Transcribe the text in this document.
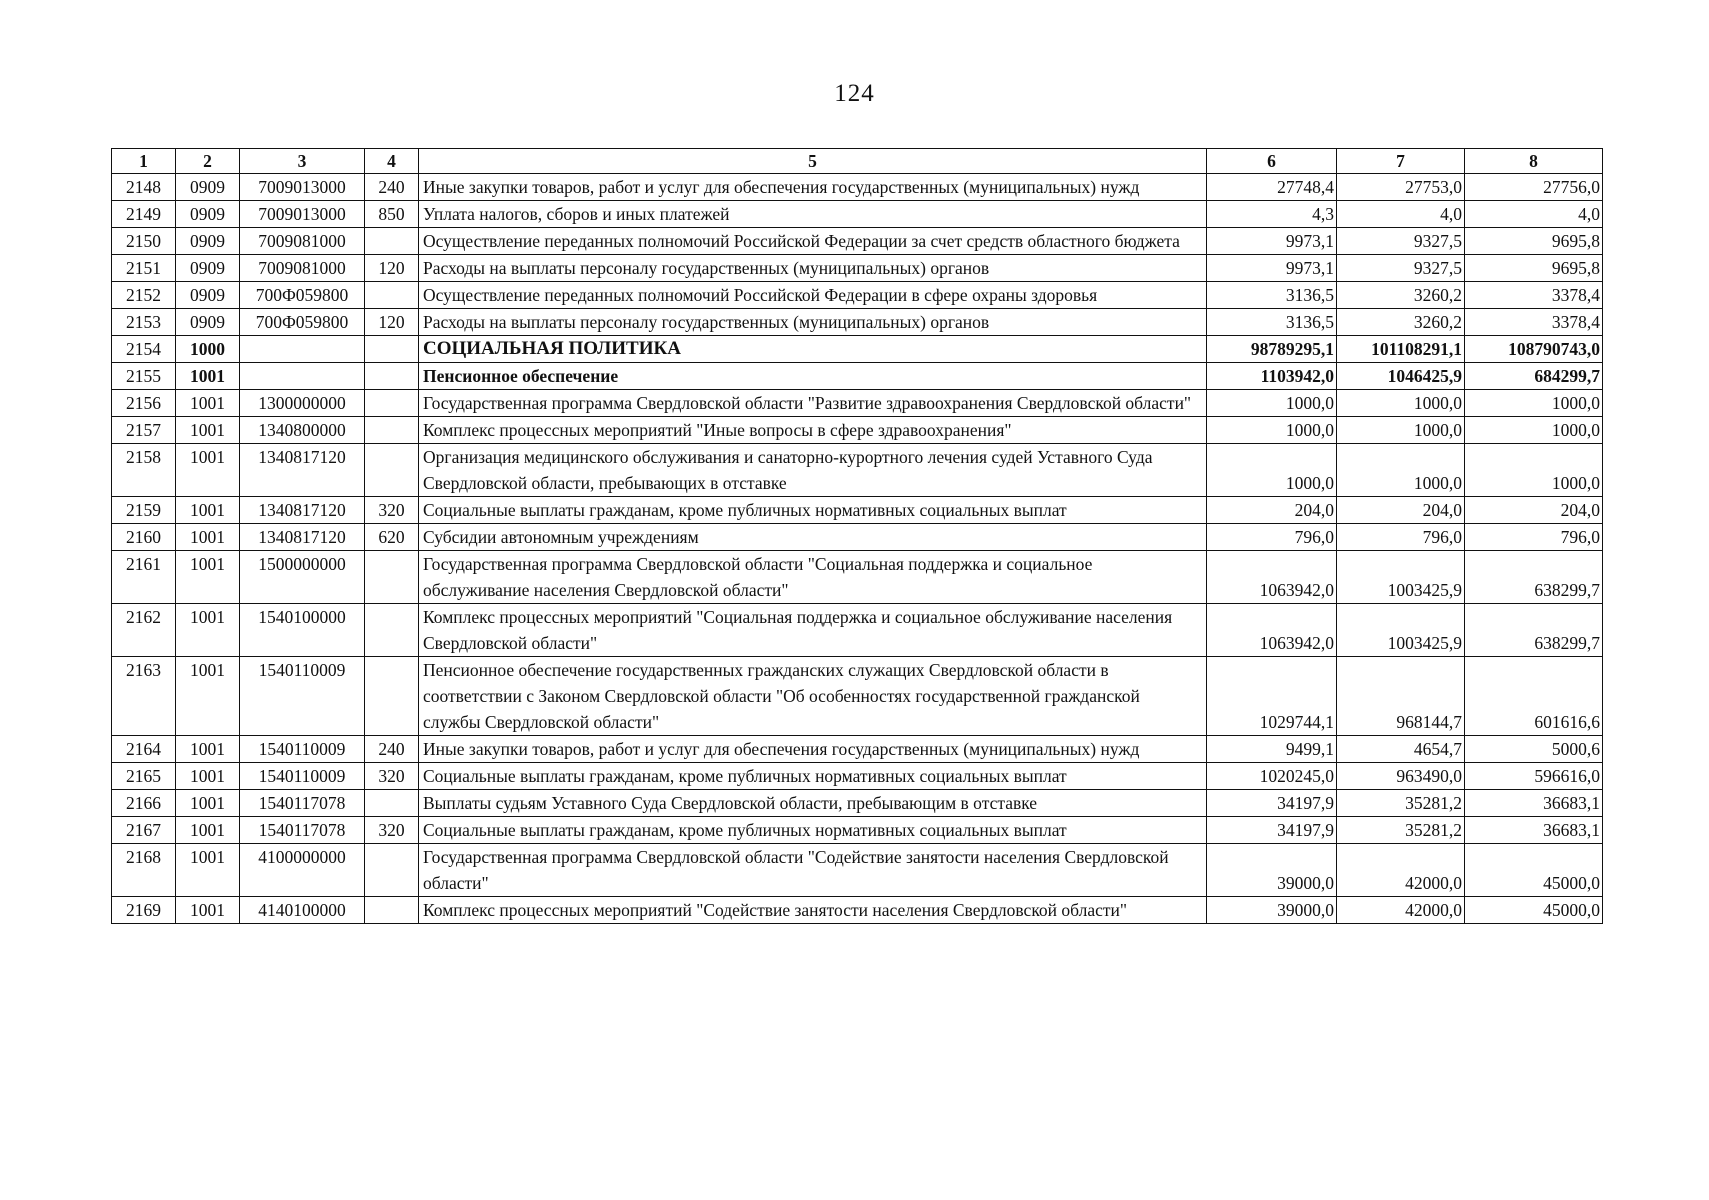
124
1	2	3	4	5	6	7	8
2148	0909	7009013000	240	Иные закупки товаров, работ и услуг для обеспечения государственных (муниципальных) нужд	27748,4	27753,0	27756,0
2149	0909	7009013000	850	Уплата налогов, сборов и иных платежей	4,3	4,0	4,0
2150	0909	7009081000		Осуществление переданных полномочий Российской Федерации за счет средств областного бюджета	9973,1	9327,5	9695,8
2151	0909	7009081000	120	Расходы на выплаты персоналу государственных (муниципальных) органов	9973,1	9327,5	9695,8
2152	0909	700Ф059800		Осуществление переданных полномочий Российской Федерации в сфере охраны здоровья	3136,5	3260,2	3378,4
2153	0909	700Ф059800	120	Расходы на выплаты персоналу государственных (муниципальных) органов	3136,5	3260,2	3378,4
2154	1000			СОЦИАЛЬНАЯ ПОЛИТИКА	98789295,1	101108291,1	108790743,0
2155	1001			Пенсионное обеспечение	1103942,0	1046425,9	684299,7
2156	1001	1300000000		Государственная программа Свердловской области "Развитие здравоохранения Свердловской области"	1000,0	1000,0	1000,0
2157	1001	1340800000		Комплекс процессных мероприятий "Иные вопросы в сфере здравоохранения"	1000,0	1000,0	1000,0
2158	1001	1340817120		Организация медицинского обслуживания и санаторно-курортного лечения судей Уставного Суда Свердловской области, пребывающих в отставке	1000,0	1000,0	1000,0
2159	1001	1340817120	320	Социальные выплаты гражданам, кроме публичных нормативных социальных выплат	204,0	204,0	204,0
2160	1001	1340817120	620	Субсидии автономным учреждениям	796,0	796,0	796,0
2161	1001	1500000000		Государственная программа Свердловской области "Социальная поддержка и социальное обслуживание населения Свердловской области"	1063942,0	1003425,9	638299,7
2162	1001	1540100000		Комплекс процессных мероприятий "Социальная поддержка и социальное обслуживание населения Свердловской области"	1063942,0	1003425,9	638299,7
2163	1001	1540110009		Пенсионное обеспечение государственных гражданских служащих Свердловской области в соответствии с Законом Свердловской области "Об особенностях государственной гражданской службы Свердловской области"	1029744,1	968144,7	601616,6
2164	1001	1540110009	240	Иные закупки товаров, работ и услуг для обеспечения государственных (муниципальных) нужд	9499,1	4654,7	5000,6
2165	1001	1540110009	320	Социальные выплаты гражданам, кроме публичных нормативных социальных выплат	1020245,0	963490,0	596616,0
2166	1001	1540117078		Выплаты судьям Уставного Суда Свердловской области, пребывающим в отставке	34197,9	35281,2	36683,1
2167	1001	1540117078	320	Социальные выплаты гражданам, кроме публичных нормативных социальных выплат	34197,9	35281,2	36683,1
2168	1001	4100000000		Государственная программа Свердловской области "Содействие занятости населения Свердловской области"	39000,0	42000,0	45000,0
2169	1001	4140100000		Комплекс процессных мероприятий "Содействие занятости населения Свердловской области"	39000,0	42000,0	45000,0
